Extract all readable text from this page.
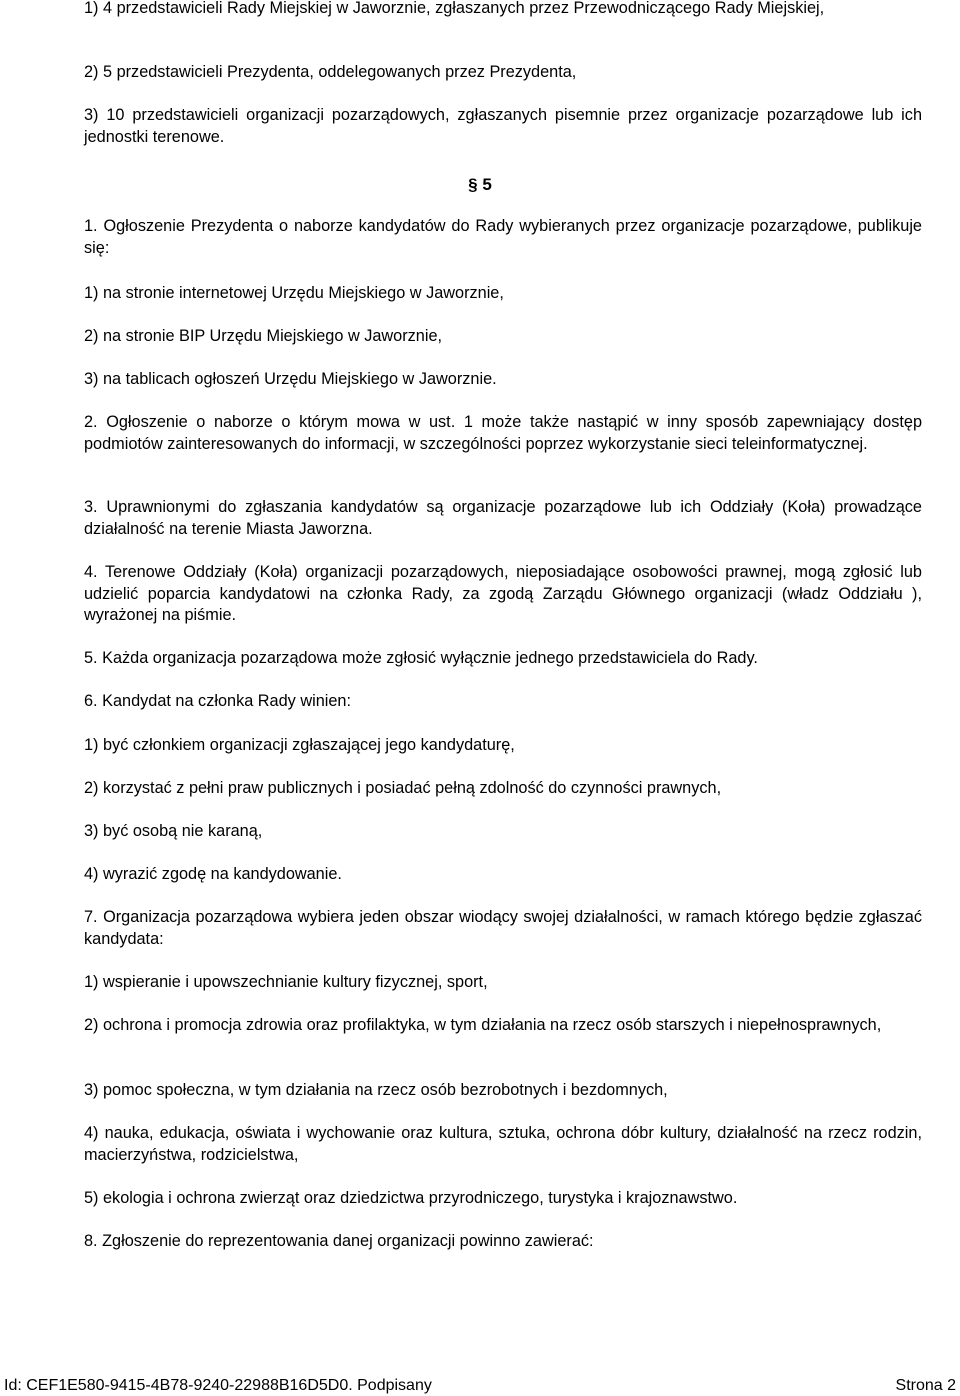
1) 4 przedstawicieli Rady Miejskiej w Jaworznie, zgłaszanych przez Przewodniczącego Rady Miejskiej,

2) 5 przedstawicieli Prezydenta, oddelegowanych przez Prezydenta,

3) 10 przedstawicieli organizacji pozarządowych, zgłaszanych pisemnie przez organizacje pozarządowe lub ich jednostki terenowe.

§ 5

1. Ogłoszenie Prezydenta o naborze kandydatów do Rady wybieranych przez organizacje pozarządowe, publikuje się:

1) na stronie internetowej Urzędu Miejskiego w Jaworznie,

2) na stronie BIP Urzędu Miejskiego w Jaworznie,

3) na tablicach ogłoszeń Urzędu Miejskiego w Jaworznie.

2. Ogłoszenie o naborze o którym mowa w ust. 1 może także nastąpić w inny sposób zapewniający dostęp podmiotów zainteresowanych do informacji, w szczególności poprzez wykorzystanie sieci teleinformatycznej.

3. Uprawnionymi do zgłaszania kandydatów są organizacje pozarządowe lub ich Oddziały (Koła) prowadzące działalność na terenie Miasta Jaworzna.

4. Terenowe Oddziały (Koła) organizacji pozarządowych, nieposiadające osobowości prawnej, mogą zgłosić lub udzielić poparcia kandydatowi na członka Rady, za zgodą Zarządu Głównego organizacji (władz Oddziału ), wyrażonej na piśmie.

5. Każda organizacja pozarządowa może zgłosić wyłącznie jednego przedstawiciela do Rady.

6. Kandydat na członka Rady winien:

1) być członkiem organizacji zgłaszającej jego kandydaturę,

2) korzystać z pełni praw publicznych i posiadać pełną zdolność do czynności prawnych,

3) być osobą nie karaną,

4) wyrazić zgodę na kandydowanie.

7. Organizacja pozarządowa wybiera jeden obszar wiodący swojej działalności, w ramach którego będzie zgłaszać kandydata:

1) wspieranie i upowszechnianie kultury fizycznej, sport,

2) ochrona i promocja zdrowia oraz profilaktyka, w tym działania na rzecz osób starszych i niepełnosprawnych,

3) pomoc społeczna, w tym działania na rzecz osób bezrobotnych i bezdomnych,

4) nauka, edukacja, oświata i wychowanie oraz kultura, sztuka, ochrona dóbr kultury, działalność na rzecz rodzin, macierzyństwa, rodzicielstwa,

5) ekologia i ochrona zwierząt oraz dziedzictwa przyrodniczego, turystyka i krajoznawstwo.

8. Zgłoszenie do reprezentowania danej organizacji powinno zawierać:

Id: CEF1E580-9415-4B78-9240-22988B16D5D0. Podpisany	Strona 2
